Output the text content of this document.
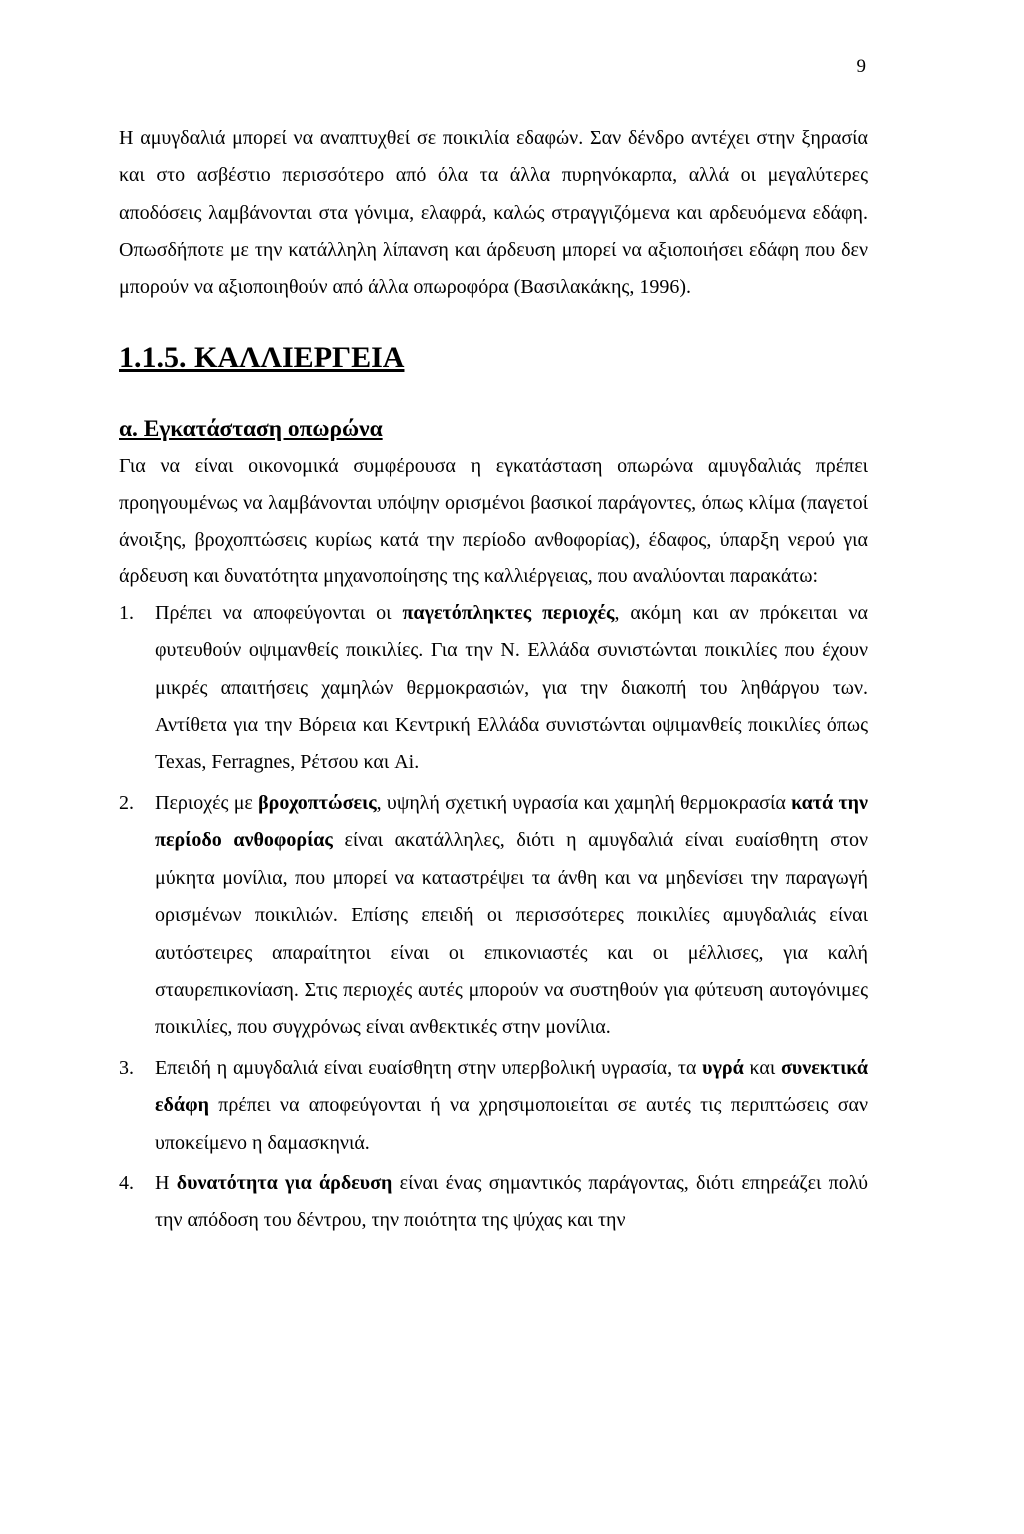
9

Η αμυγδαλιά μπορεί να αναπτυχθεί σε ποικιλία εδαφών. Σαν δένδρο αντέχει στην ξηρασία και στο ασβέστιο περισσότερο από όλα τα άλλα πυρηνόκαρπα, αλλά οι μεγαλύτερες αποδόσεις λαμβάνονται στα γόνιμα, ελαφρά, καλώς στραγγιζόμενα και αρδευόμενα εδάφη. Οπωσδήποτε με την κατάλληλη λίπανση και άρδευση μπορεί να αξιοποιήσει εδάφη που δεν μπορούν να αξιοποιηθούν από άλλα οπωροφόρα (Βασιλακάκης, 1996).

1.1.5. ΚΑΛΛΙΕΡΓΕΙΑ
α. Εγκατάσταση οπωρώνα

Για να είναι οικονομικά συμφέρουσα η εγκατάσταση οπωρώνα αμυγδαλιάς πρέπει προηγουμένως να λαμβάνονται υπόψην ορισμένοι βασικοί παράγοντες, όπως κλίμα (παγετοί άνοιξης, βροχοπτώσεις κυρίως κατά την περίοδο ανθοφορίας), έδαφος, ύπαρξη νερού για άρδευση και δυνατότητα μηχανοποίησης της καλλιέργειας, που αναλύονται παρακάτω:

1. Πρέπει να αποφεύγονται οι παγετόπληκτες περιοχές, ακόμη και αν πρόκειται να φυτευθούν οψιμανθείς ποικιλίες. Για την Ν. Ελλάδα συνιστώνται ποικιλίες που έχουν μικρές απαιτήσεις χαμηλών θερμοκρασιών, για την διακοπή του ληθάργου των. Αντίθετα για την Βόρεια και Κεντρική Ελλάδα συνιστώνται οψιμανθείς ποικιλίες όπως Texas, Ferragnes, Ρέτσου και Ai.
2. Περιοχές με βροχοπτώσεις, υψηλή σχετική υγρασία και χαμηλή θερμοκρασία κατά την περίοδο ανθοφορίας είναι ακατάλληλες, διότι η αμυγδαλιά είναι ευαίσθητη στον μύκητα μονίλια, που μπορεί να καταστρέψει τα άνθη και να μηδενίσει την παραγωγή ορισμένων ποικιλιών. Επίσης επειδή οι περισσότερες ποικιλίες αμυγδαλιάς είναι αυτόστειρες απαραίτητοι είναι οι επικονιαστές και οι μέλλισες, για καλή σταυρεπικονίαση. Στις περιοχές αυτές μπορούν να συστηθούν για φύτευση αυτογόνιμες ποικιλίες, που συγχρόνως είναι ανθεκτικές στην μονίλια.
3. Επειδή η αμυγδαλιά είναι ευαίσθητη στην υπερβολική υγρασία, τα υγρά και συνεκτικά εδάφη πρέπει να αποφεύγονται ή να χρησιμοποιείται σε αυτές τις περιπτώσεις σαν υποκείμενο η δαμασκηνιά.
4. Η δυνατότητα για άρδευση είναι ένας σημαντικός παράγοντας, διότι επηρεάζει πολύ την απόδοση του δέντρου, την ποιότητα της ψύχας και την
